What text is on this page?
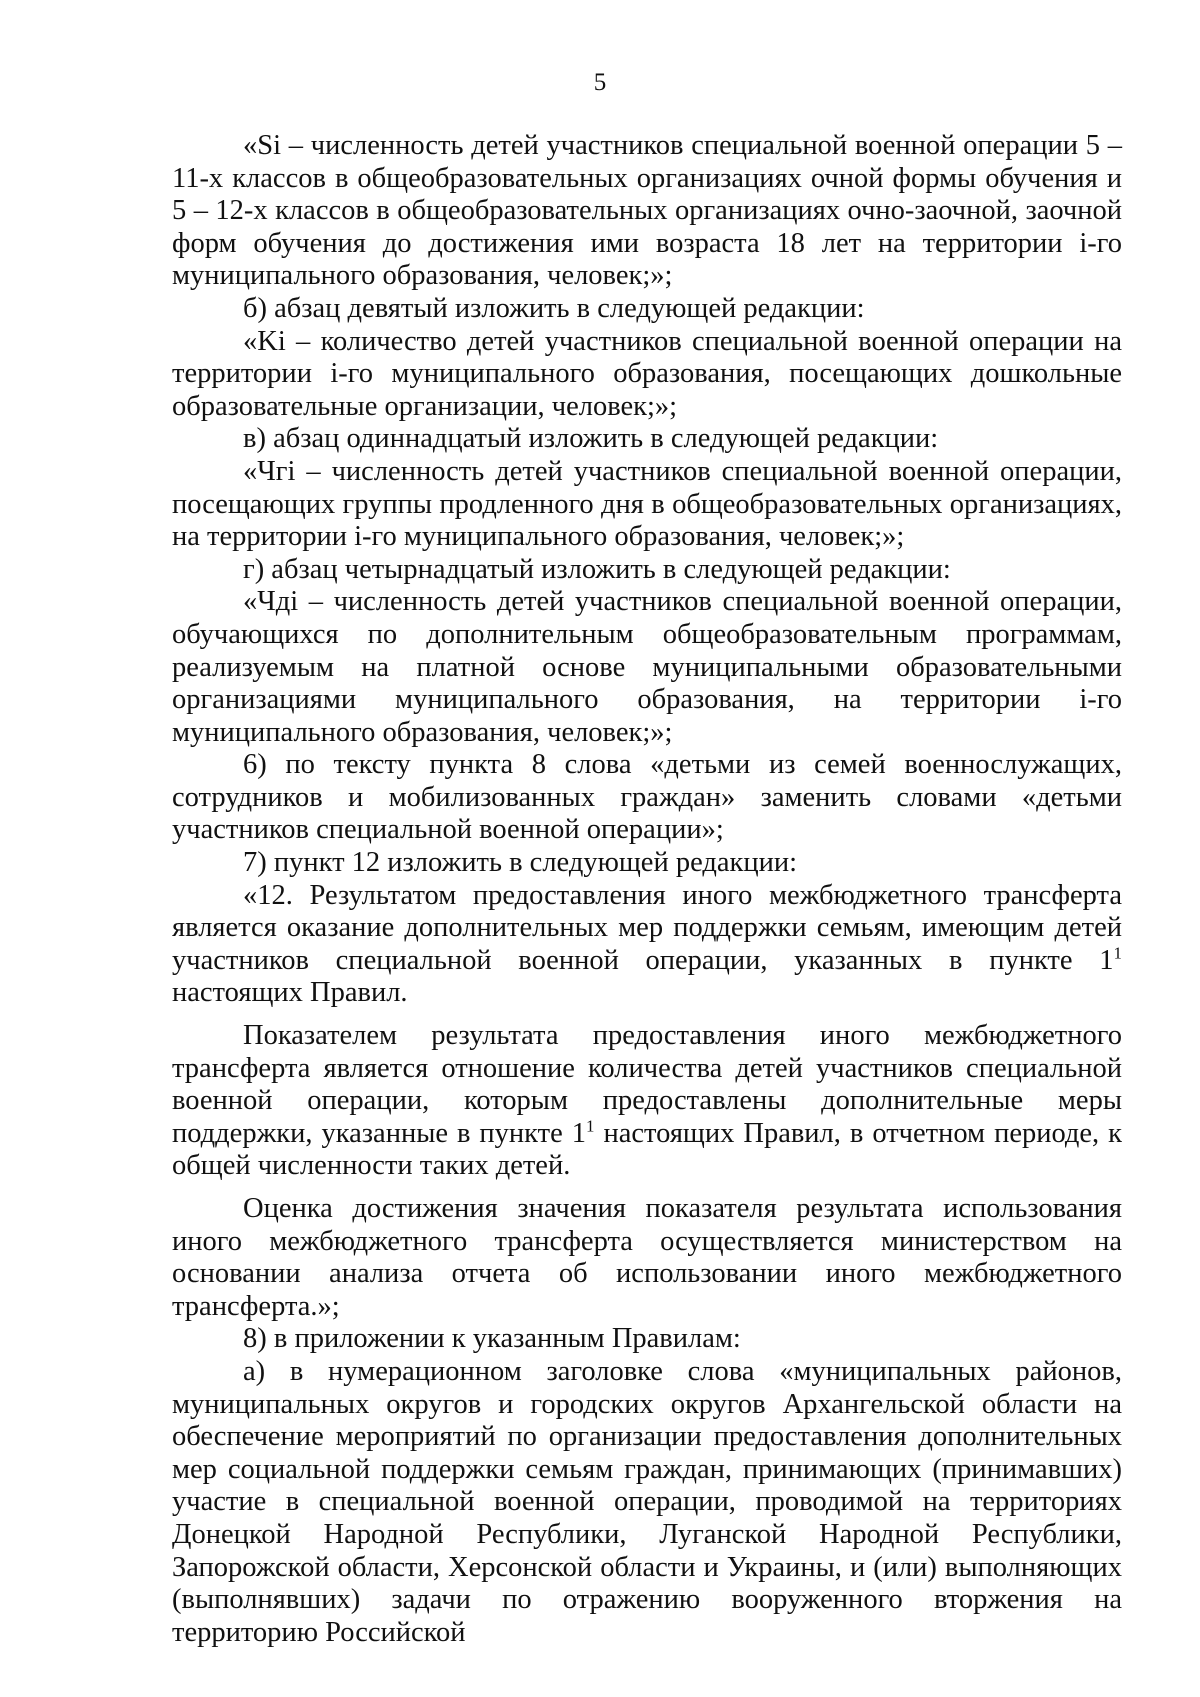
5

«Si – численность детей участников специальной военной операции 5 – 11-х классов в общеобразовательных организациях очной формы обучения и 5 – 12-х классов в общеобразовательных организациях очно-заочной, заочной форм обучения до достижения ими возраста 18 лет на территории i-го муниципального образования, человек;»;

б) абзац девятый изложить в следующей редакции:

«Ki – количество детей участников специальной военной операции на территории i-го муниципального образования, посещающих дошкольные образовательные организации, человек;»;

в) абзац одиннадцатый изложить в следующей редакции:

«Чгi – численность детей участников специальной военной операции, посещающих группы продленного дня в общеобразовательных организациях, на территории i-го муниципального образования, человек;»;

г) абзац четырнадцатый изложить в следующей редакции:

«Чдi – численность детей участников специальной военной операции, обучающихся по дополнительным общеобразовательным программам, реализуемым на платной основе муниципальными образовательными организациями муниципального образования, на территории i-го муниципального образования, человек;»;

6) по тексту пункта 8 слова «детьми из семей военнослужащих, сотрудников и мобилизованных граждан» заменить словами «детьми участников специальной военной операции»;

7) пункт 12 изложить в следующей редакции:

«12. Результатом предоставления иного межбюджетного трансферта является оказание дополнительных мер поддержки семьям, имеющим детей участников специальной военной операции, указанных в пункте $1^1$ настоящих Правил.

Показателем результата предоставления иного межбюджетного трансферта является отношение количества детей участников специальной военной операции, которым предоставлены дополнительные меры поддержки, указанные в пункте $1^1$ настоящих Правил, в отчетном периоде, к общей численности таких детей.

Оценка достижения значения показателя результата использования иного межбюджетного трансферта осуществляется министерством на основании анализа отчета об использовании иного межбюджетного трансферта.»;

8) в приложении к указанным Правилам:

а) в нумерационном заголовке слова «муниципальных районов, муниципальных округов и городских округов Архангельской области на обеспечение мероприятий по организации предоставления дополнительных мер социальной поддержки семьям граждан, принимающих (принимавших) участие в специальной военной операции, проводимой на территориях Донецкой Народной Республики, Луганской Народной Республики, Запорожской области, Херсонской области и Украины, и (или) выполняющих (выполнявших) задачи по отражению вооруженного вторжения на территорию Российской
